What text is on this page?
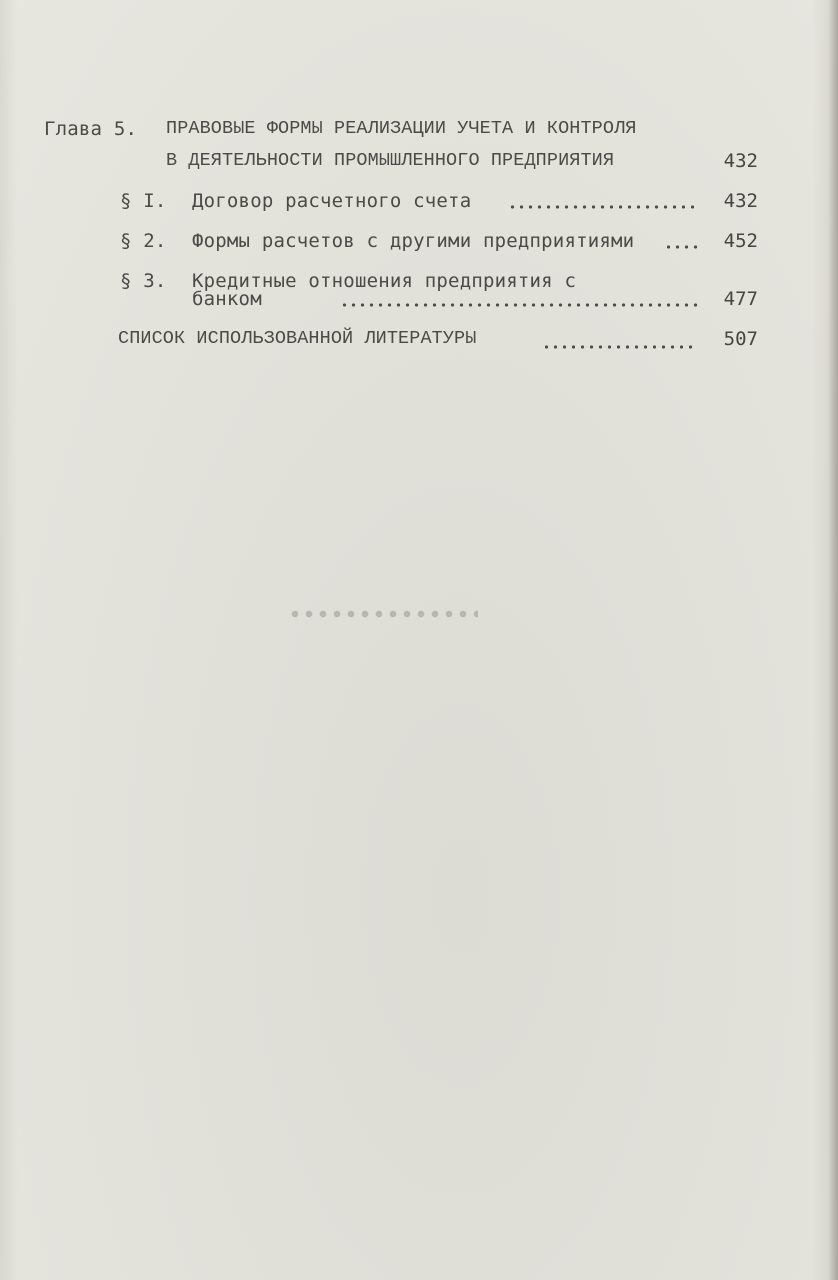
Глава 5. ПРАВОВЫЕ ФОРМЫ РЕАЛИЗАЦИИ УЧЕТА И КОНТРОЛЯ
В ДЕЯТЕЛЬНОСТИ ПРОМЫШЛЕННОГО ПРЕДПРИЯТИЯ	432
§ I. Договор расчетного счета	432
§ 2. Формы расчетов с другими предприятиями	452
§ 3. Кредитные отношения предприятия с
банком	477
СПИСОК ИСПОЛЬЗОВАННОЙ ЛИТЕРАТУРЫ	507
